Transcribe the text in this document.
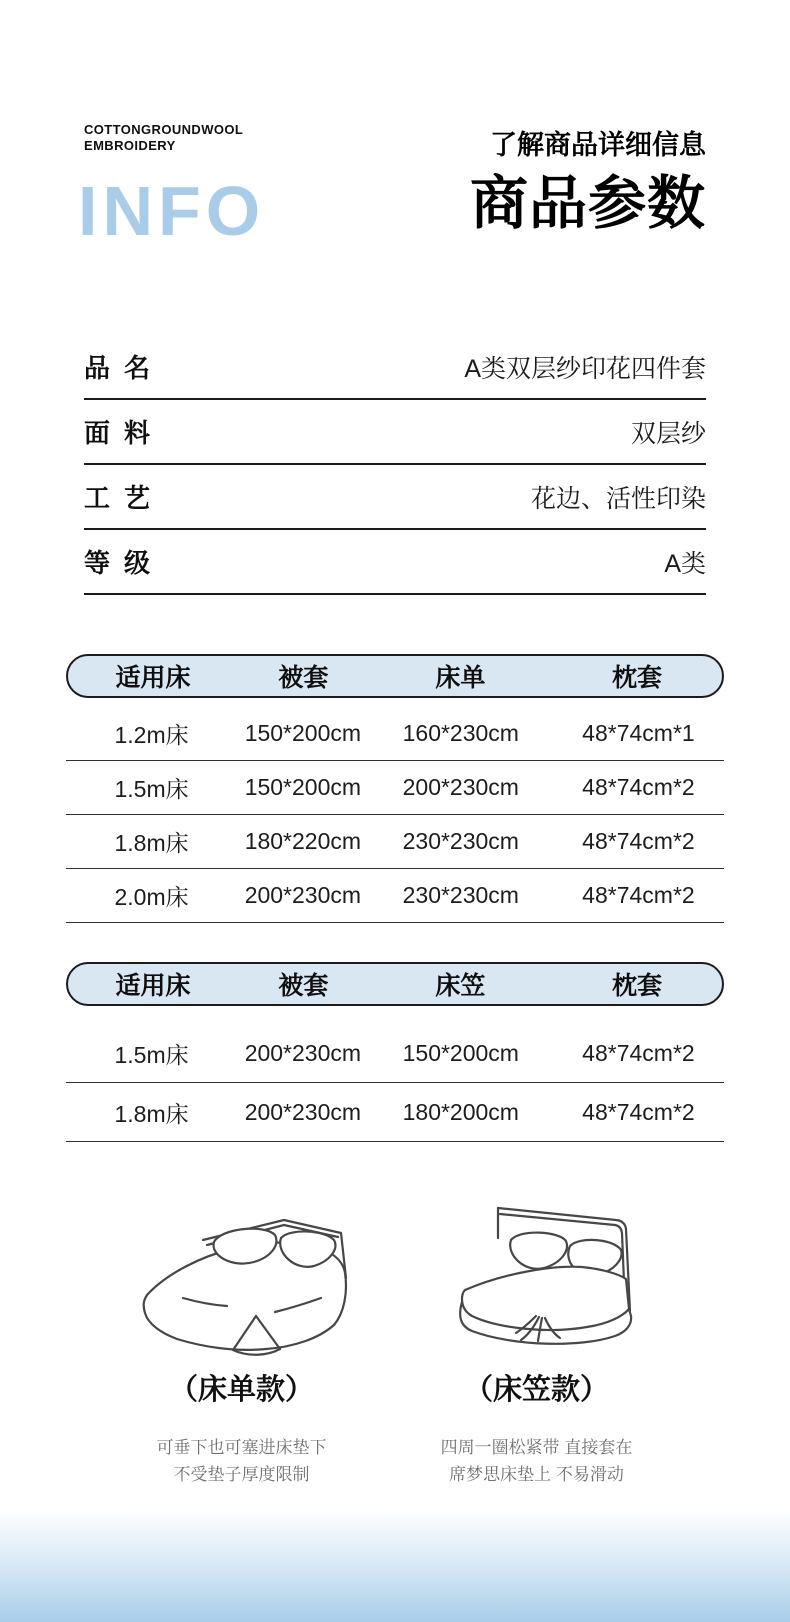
COTTONGROUNDWOOL
EMBROIDERY
INFO
了解商品详细信息
商品参数
品 名	A类双层纱印花四件套
面 料	双层纱
工 艺	花边、活性印染
等 级	A类
适用床	被套	床单	枕套
1.2m床	150*200cm	160*230cm	48*74cm*1
1.5m床	150*200cm	200*230cm	48*74cm*2
1.8m床	180*220cm	230*230cm	48*74cm*2
2.0m床	200*230cm	230*230cm	48*74cm*2
适用床	被套	床笠	枕套
1.5m床	200*230cm	150*200cm	48*74cm*2
1.8m床	200*230cm	180*200cm	48*74cm*2
（床单款）
可垂下也可塞进床垫下
不受垫子厚度限制
（床笠款）
四周一圈松紧带 直接套在
席梦思床垫上 不易滑动
